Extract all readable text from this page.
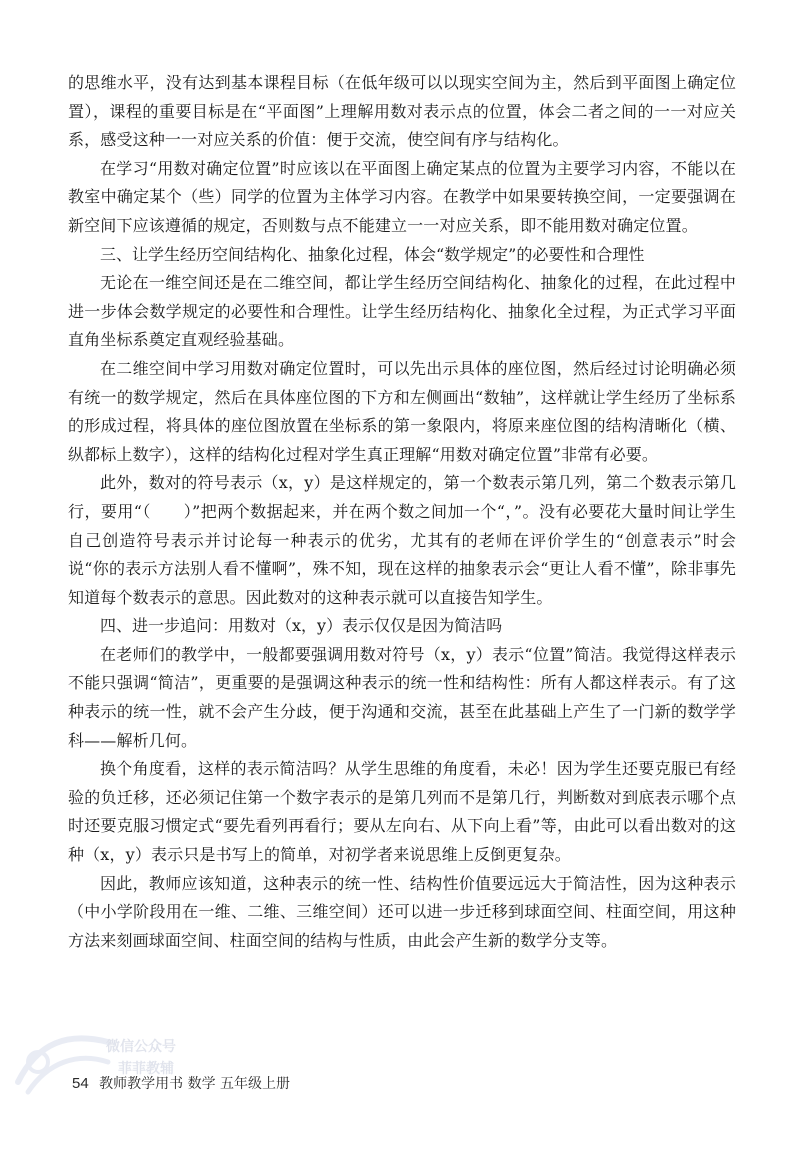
的思维水平，没有达到基本课程目标（在低年级可以以现实空间为主，然后到平面图上确定位置），课程的重要目标是在“平面图”上理解用数对表示点的位置，体会二者之间的一一对应关系，感受这种一一对应关系的价值：便于交流，使空间有序与结构化。

在学习“用数对确定位置”时应该以在平面图上确定某点的位置为主要学习内容，不能以在教室中确定某个（些）同学的位置为主体学习内容。在教学中如果要转换空间，一定要强调在新空间下应该遵循的规定，否则数与点不能建立一一对应关系，即不能用数对确定位置。

三、让学生经历空间结构化、抽象化过程，体会“数学规定”的必要性和合理性

无论在一维空间还是在二维空间，都让学生经历空间结构化、抽象化的过程，在此过程中进一步体会数学规定的必要性和合理性。让学生经历结构化、抽象化全过程，为正式学习平面直角坐标系奠定直观经验基础。

在二维空间中学习用数对确定位置时，可以先出示具体的座位图，然后经过讨论明确必须有统一的数学规定，然后在具体座位图的下方和左侧画出“数轴”，这样就让学生经历了坐标系的形成过程，将具体的座位图放置在坐标系的第一象限内，将原来座位图的结构清晰化（横、纵都标上数字），这样的结构化过程对学生真正理解“用数对确定位置”非常有必要。

此外，数对的符号表示（x，y）是这样规定的，第一个数表示第几列，第二个数表示第几行，要用“（　　）”把两个数据起来，并在两个数之间加一个“，”。没有必要花大量时间让学生自己创造符号表示并讨论每一种表示的优劣，尤其有的老师在评价学生的“创意表示”时会说“你的表示方法别人看不懂啊”，殊不知，现在这样的抽象表示会“更让人看不懂”，除非事先知道每个数表示的意思。因此数对的这种表示就可以直接告知学生。

四、进一步追问：用数对（x，y）表示仅仅是因为简洁吗

在老师们的教学中，一般都要强调用数对符号（x，y）表示“位置”简洁。我觉得这样表示不能只强调“简洁”，更重要的是强调这种表示的统一性和结构性：所有人都这样表示。有了这种表示的统一性，就不会产生分歧，便于沟通和交流，甚至在此基础上产生了一门新的数学学科——解析几何。

换个角度看，这样的表示简洁吗？从学生思维的角度看，未必！因为学生还要克服已有经验的负迁移，还必须记住第一个数字表示的是第几列而不是第几行，判断数对到底表示哪个点时还要克服习惯定式“要先看列再看行；要从左向右、从下向上看”等，由此可以看出数对的这种（x，y）表示只是书写上的简单，对初学者来说思维上反倒更复杂。

因此，教师应该知道，这种表示的统一性、结构性价值要远远大于简洁性，因为这种表示（中小学阶段用在一维、二维、三维空间）还可以进一步迁移到球面空间、柱面空间，用这种方法来刻画球面空间、柱面空间的结构与性质，由此会产生新的数学分支等。

微信公众号
菲菲教辅
54 教师教学用书 数学 五年级上册
